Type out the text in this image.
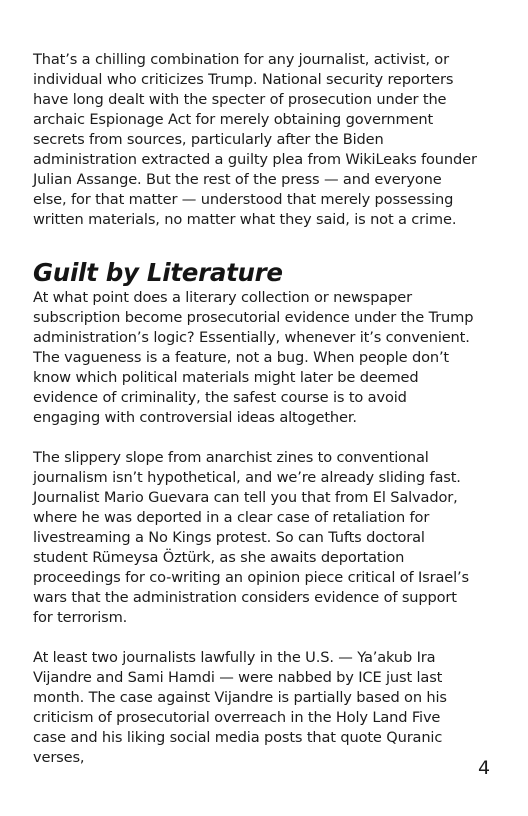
That’s a chilling combination for any journalist, activist, or individual who criticizes Trump. National security reporters have long dealt with the specter of prosecution under the archaic Espionage Act for merely obtaining government secrets from sources, particularly after the Biden administration extracted a guilty plea from WikiLeaks founder Julian Assange. But the rest of the press — and everyone else, for that matter — understood that merely possessing written materials, no matter what they said, is not a crime.

Guilt by Literature

At what point does a literary collection or newspaper subscription become prosecutorial evidence under the Trump administration’s logic? Essentially, whenever it’s convenient. The vagueness is a feature, not a bug. When people don’t know which political materials might later be deemed evidence of criminality, the safest course is to avoid engaging with controversial ideas altogether.

The slippery slope from anarchist zines to conventional journalism isn’t hypothetical, and we’re already sliding fast. Journalist Mario Guevara can tell you that from El Salvador, where he was deported in a clear case of retaliation for livestreaming a No Kings protest. So can Tufts doctoral student Rümeysa Öztürk, as she awaits deportation proceedings for co-writing an opinion piece critical of Israel’s wars that the administration considers evidence of support for terrorism.

At least two journalists lawfully in the U.S. — Ya’akub Ira Vijandre and Sami Hamdi — were nabbed by ICE just last month. The case against Vijandre is partially based on his criticism of prosecutorial overreach in the Holy Land Five case and his liking social media posts that quote Quranic verses,	4
